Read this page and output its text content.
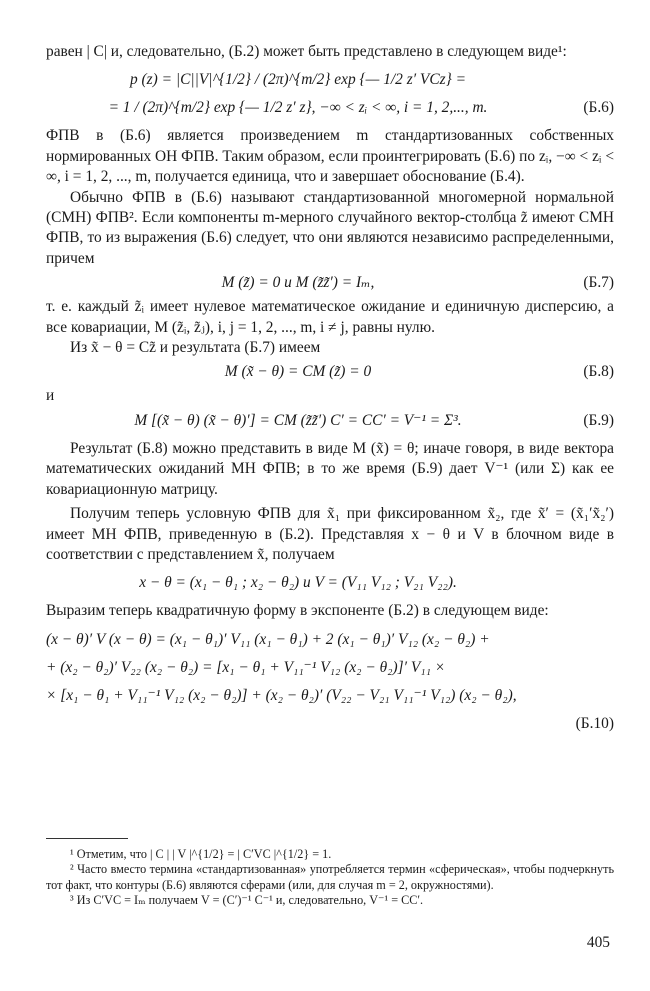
равен | C| и, следовательно, (Б.2) может быть представлено в следующем виде¹:

p (z) = |C||V|^{1/2} / (2π)^{m/2} exp {— 1/2 z′ VCz} =
= 1 / (2π)^{m/2} exp {— 1/2 z′ z}, −∞ < zᵢ < ∞, i = 1, 2,..., m.	(Б.6)

ФПВ в (Б.6) является произведением m стандартизованных собственных нормированных ОН ФПВ. Таким образом, если проинтегрировать (Б.6) по zᵢ, −∞ < zᵢ < ∞, i = 1, 2, ..., m, получается единица, что и завершает обоснование (Б.4).

Обычно ФПВ в (Б.6) называют стандартизованной многомерной нормальной (СМН) ФПВ². Если компоненты m-мерного случайного вектор-столбца z̃ имеют СМН ФПВ, то из выражения (Б.6) следует, что они являются независимо распределенными, причем

M (z̃) = 0 и M (z̃z̃′) = Iₘ,	(Б.7)

т. е. каждый z̃ᵢ имеет нулевое математическое ожидание и единичную дисперсию, а все ковариации, M (z̃ᵢ, z̃ⱼ), i, j = 1, 2, ..., m, i ≠ j, равны нулю.

Из x̃ − θ = Cz̃ и результата (Б.7) имеем

M (x̃ − θ) = CM (z̃) = 0	(Б.8)

и

M [(x̃ − θ) (x̃ − θ)′] = CM (z̃z̃′) C′ = CC′ = V⁻¹ = Σ³.	(Б.9)

Результат (Б.8) можно представить в виде M (x̃) = θ; иначе говоря, в виде вектора математических ожиданий МН ФПВ; в то же время (Б.9) дает V⁻¹ (или Σ) как ее ковариационную матрицу.

Получим теперь условную ФПВ для x̃₁ при фиксированном x̃₂, где x̃′ = (x̃₁′x̃₂′) имеет МН ФПВ, приведенную в (Б.2). Представляя x − θ и V в блочном виде в соответствии с представлением x̃, получаем

x − θ = (x₁ − θ₁ ; x₂ − θ₂) и V = (V₁₁ V₁₂ ; V₂₁ V₂₂).

Выразим теперь квадратичную форму в экспоненте (Б.2) в следующем виде:

(x − θ)′ V (x − θ) = (x₁ − θ₁)′ V₁₁ (x₁ − θ₁) + 2 (x₁ − θ₁)′ V₁₂ (x₂ − θ₂) +
+ (x₂ − θ₂)′ V₂₂ (x₂ − θ₂) = [x₁ − θ₁ + V₁₁⁻¹ V₁₂ (x₂ − θ₂)]′ V₁₁ ×
× [x₁ − θ₁ + V₁₁⁻¹ V₁₂ (x₂ − θ₂)] + (x₂ − θ₂)′ (V₂₂ − V₂₁ V₁₁⁻¹ V₁₂) (x₂ − θ₂),
(Б.10)

¹ Отметим, что | C | | V |^{1/2} = | C′VC |^{1/2} = 1.

² Часто вместо термина «стандартизованная» употребляется термин «сферическая», чтобы подчеркнуть тот факт, что контуры (Б.6) являются сферами (или, для случая m = 2, окружностями).

³ Из C′VC = Iₘ получаем V = (C′)⁻¹ C⁻¹ и, следовательно, V⁻¹ = CC′.

405
